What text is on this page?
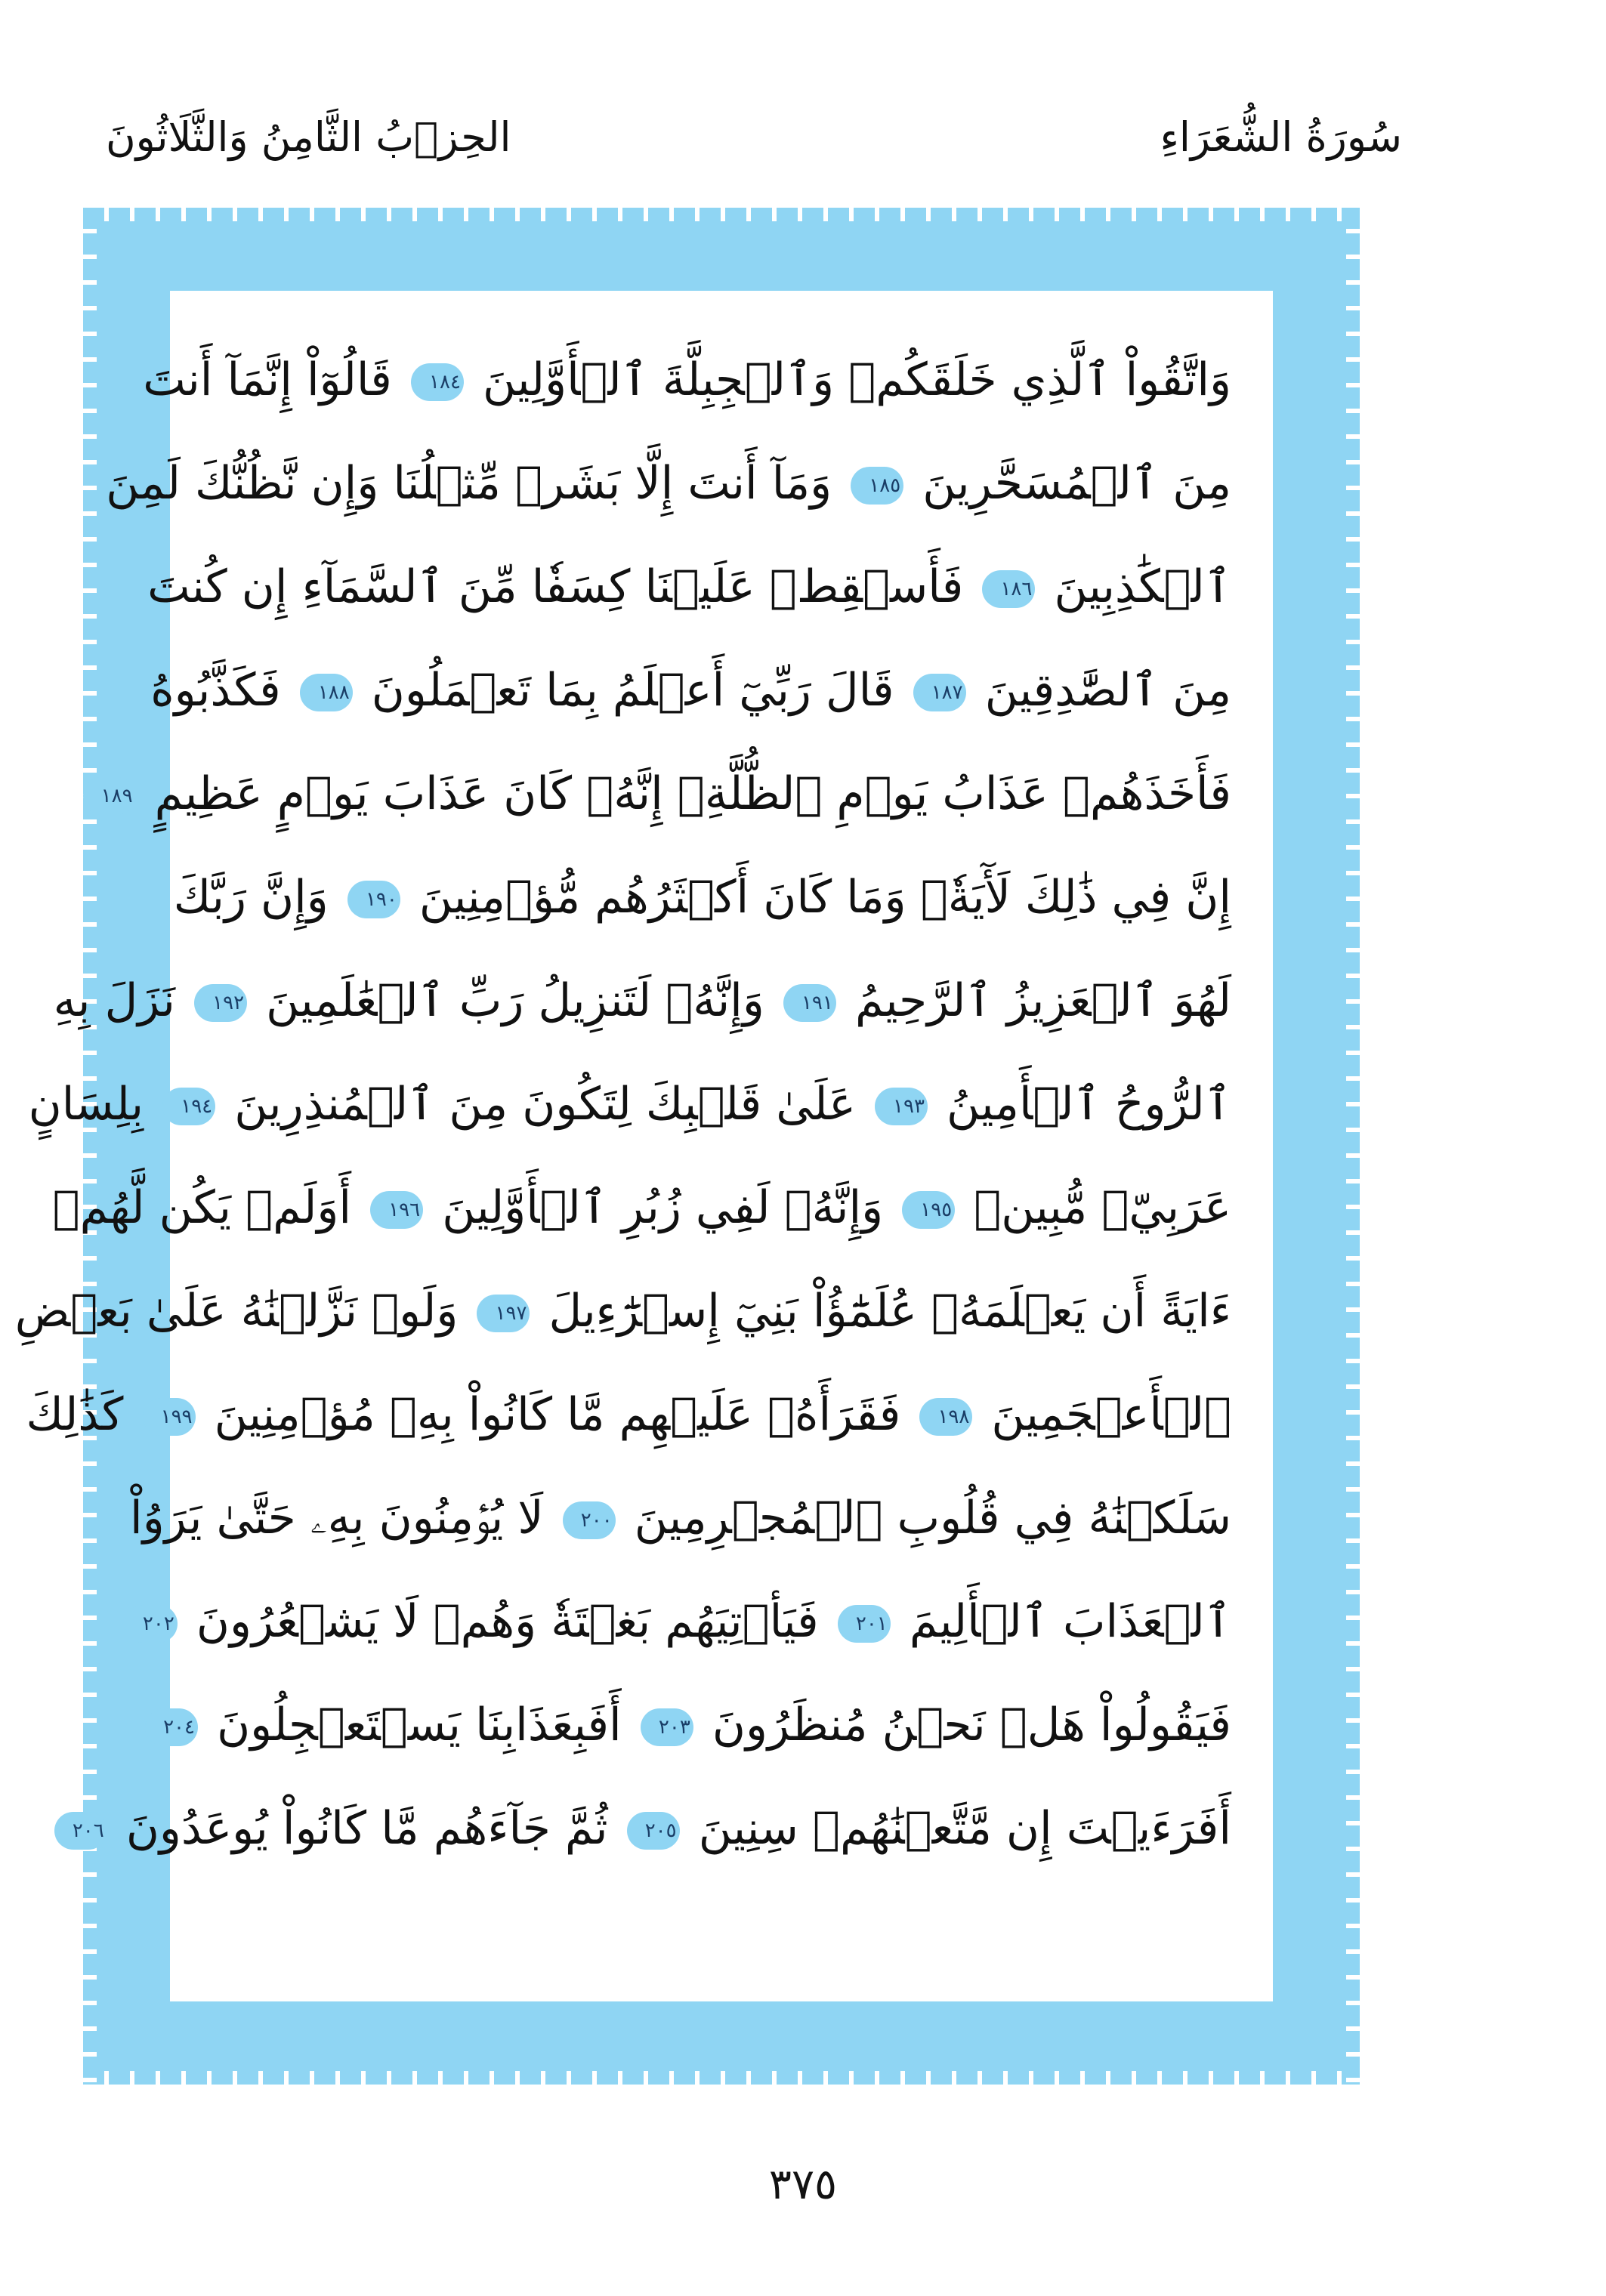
سُورَةُ الشُّعَرَاءِ
الحِزۡبُ الثَّامِنُ وَالثَّلَاثُونَ
وَاتَّقُواْ ٱلَّذِي خَلَقَكُمۡ وَٱلۡجِبِلَّةَ ٱلۡأَوَّلِينَ ١٨٤ قَالُوٓاْ إِنَّمَآ أَنتَ
مِنَ ٱلۡمُسَحَّرِينَ ١٨٥ وَمَآ أَنتَ إِلَّا بَشَرٞ مِّثۡلُنَا وَإِن نَّظُنُّكَ لَمِنَ
ٱلۡكَٰذِبِينَ ١٨٦ فَأَسۡقِطۡ عَلَيۡنَا كِسَفٗا مِّنَ ٱلسَّمَآءِ إِن كُنتَ
مِنَ ٱلصَّٰدِقِينَ ١٨٧ قَالَ رَبِّيٓ أَعۡلَمُ بِمَا تَعۡمَلُونَ ١٨٨ فَكَذَّبُوهُ
فَأَخَذَهُمۡ عَذَابُ يَوۡمِ ٱلظُّلَّةِۚ إِنَّهُۥ كَانَ عَذَابَ يَوۡمٍ عَظِيمٍ ١٨٩
إِنَّ فِي ذَٰلِكَ لَأٓيَةٗۖ وَمَا كَانَ أَكۡثَرُهُم مُّؤۡمِنِينَ ١٩٠ وَإِنَّ رَبَّكَ
لَهُوَ ٱلۡعَزِيزُ ٱلرَّحِيمُ ١٩١ وَإِنَّهُۥ لَتَنزِيلُ رَبِّ ٱلۡعَٰلَمِينَ ١٩٢ نَزَلَ بِهِ
ٱلرُّوحُ ٱلۡأَمِينُ ١٩٣ عَلَىٰ قَلۡبِكَ لِتَكُونَ مِنَ ٱلۡمُنذِرِينَ ١٩٤ بِلِسَانٍ
عَرَبِيّٖ مُّبِينٖ ١٩٥ وَإِنَّهُۥ لَفِي زُبُرِ ٱلۡأَوَّلِينَ ١٩٦ أَوَلَمۡ يَكُن لَّهُمۡ
ءَايَةً أَن يَعۡلَمَهُۥ عُلَمَٰٓؤُاْ بَنِيٓ إِسۡرَٰٓءِيلَ ١٩٧ وَلَوۡ نَزَّلۡنَٰهُ عَلَىٰ بَعۡضِ
ٱلۡأَعۡجَمِينَ ١٩٨ فَقَرَأَهُۥ عَلَيۡهِم مَّا كَانُواْ بِهِۦ مُؤۡمِنِينَ ١٩٩ كَذَٰلِكَ
سَلَكۡنَٰهُ فِي قُلُوبِ ٱلۡمُجۡرِمِينَ ٢٠٠ لَا يُؤۡمِنُونَ بِهِۦ حَتَّىٰ يَرَوُاْ
ٱلۡعَذَابَ ٱلۡأَلِيمَ ٢٠١ فَيَأۡتِيَهُم بَغۡتَةٗ وَهُمۡ لَا يَشۡعُرُونَ ٢٠٢
فَيَقُولُواْ هَلۡ نَحۡنُ مُنظَرُونَ ٢٠٣ أَفَبِعَذَابِنَا يَسۡتَعۡجِلُونَ ٢٠٤
أَفَرَءَيۡتَ إِن مَّتَّعۡنَٰهُمۡ سِنِينَ ٢٠٥ ثُمَّ جَآءَهُم مَّا كَانُواْ يُوعَدُونَ ٢٠٦
٣٧٥
